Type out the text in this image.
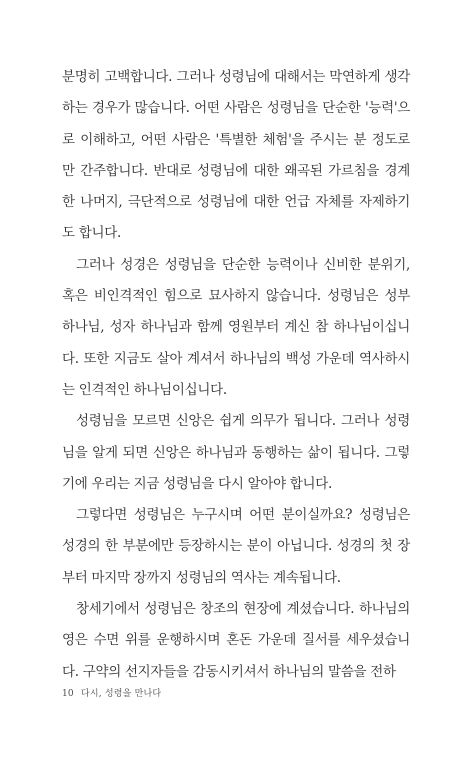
분명히 고백합니다. 그러나 성령님에 대해서는 막연하게 생각하는 경우가 많습니다. 어떤 사람은 성령님을 단순한 '능력'으로 이해하고, 어떤 사람은 '특별한 체험'을 주시는 분 정도로만 간주합니다. 반대로 성령님에 대한 왜곡된 가르침을 경계한 나머지, 극단적으로 성령님에 대한 언급 자체를 자제하기도 합니다.

그러나 성경은 성령님을 단순한 능력이나 신비한 분위기, 혹은 비인격적인 힘으로 묘사하지 않습니다. 성령님은 성부 하나님, 성자 하나님과 함께 영원부터 계신 참 하나님이십니다. 또한 지금도 살아 계셔서 하나님의 백성 가운데 역사하시는 인격적인 하나님이십니다.

성령님을 모르면 신앙은 쉽게 의무가 됩니다. 그러나 성령님을 알게 되면 신앙은 하나님과 동행하는 삶이 됩니다. 그렇기에 우리는 지금 성령님을 다시 알아야 합니다.

그렇다면 성령님은 누구시며 어떤 분이실까요? 성령님은 성경의 한 부분에만 등장하시는 분이 아닙니다. 성경의 첫 장부터 마지막 장까지 성령님의 역사는 계속됩니다.

창세기에서 성령님은 창조의 현장에 계셨습니다. 하나님의 영은 수면 위를 운행하시며 혼돈 가운데 질서를 세우셨습니다. 구약의 선지자들을 감동시키셔서 하나님의 말씀을 전하

10 다시, 성령을 만나다
